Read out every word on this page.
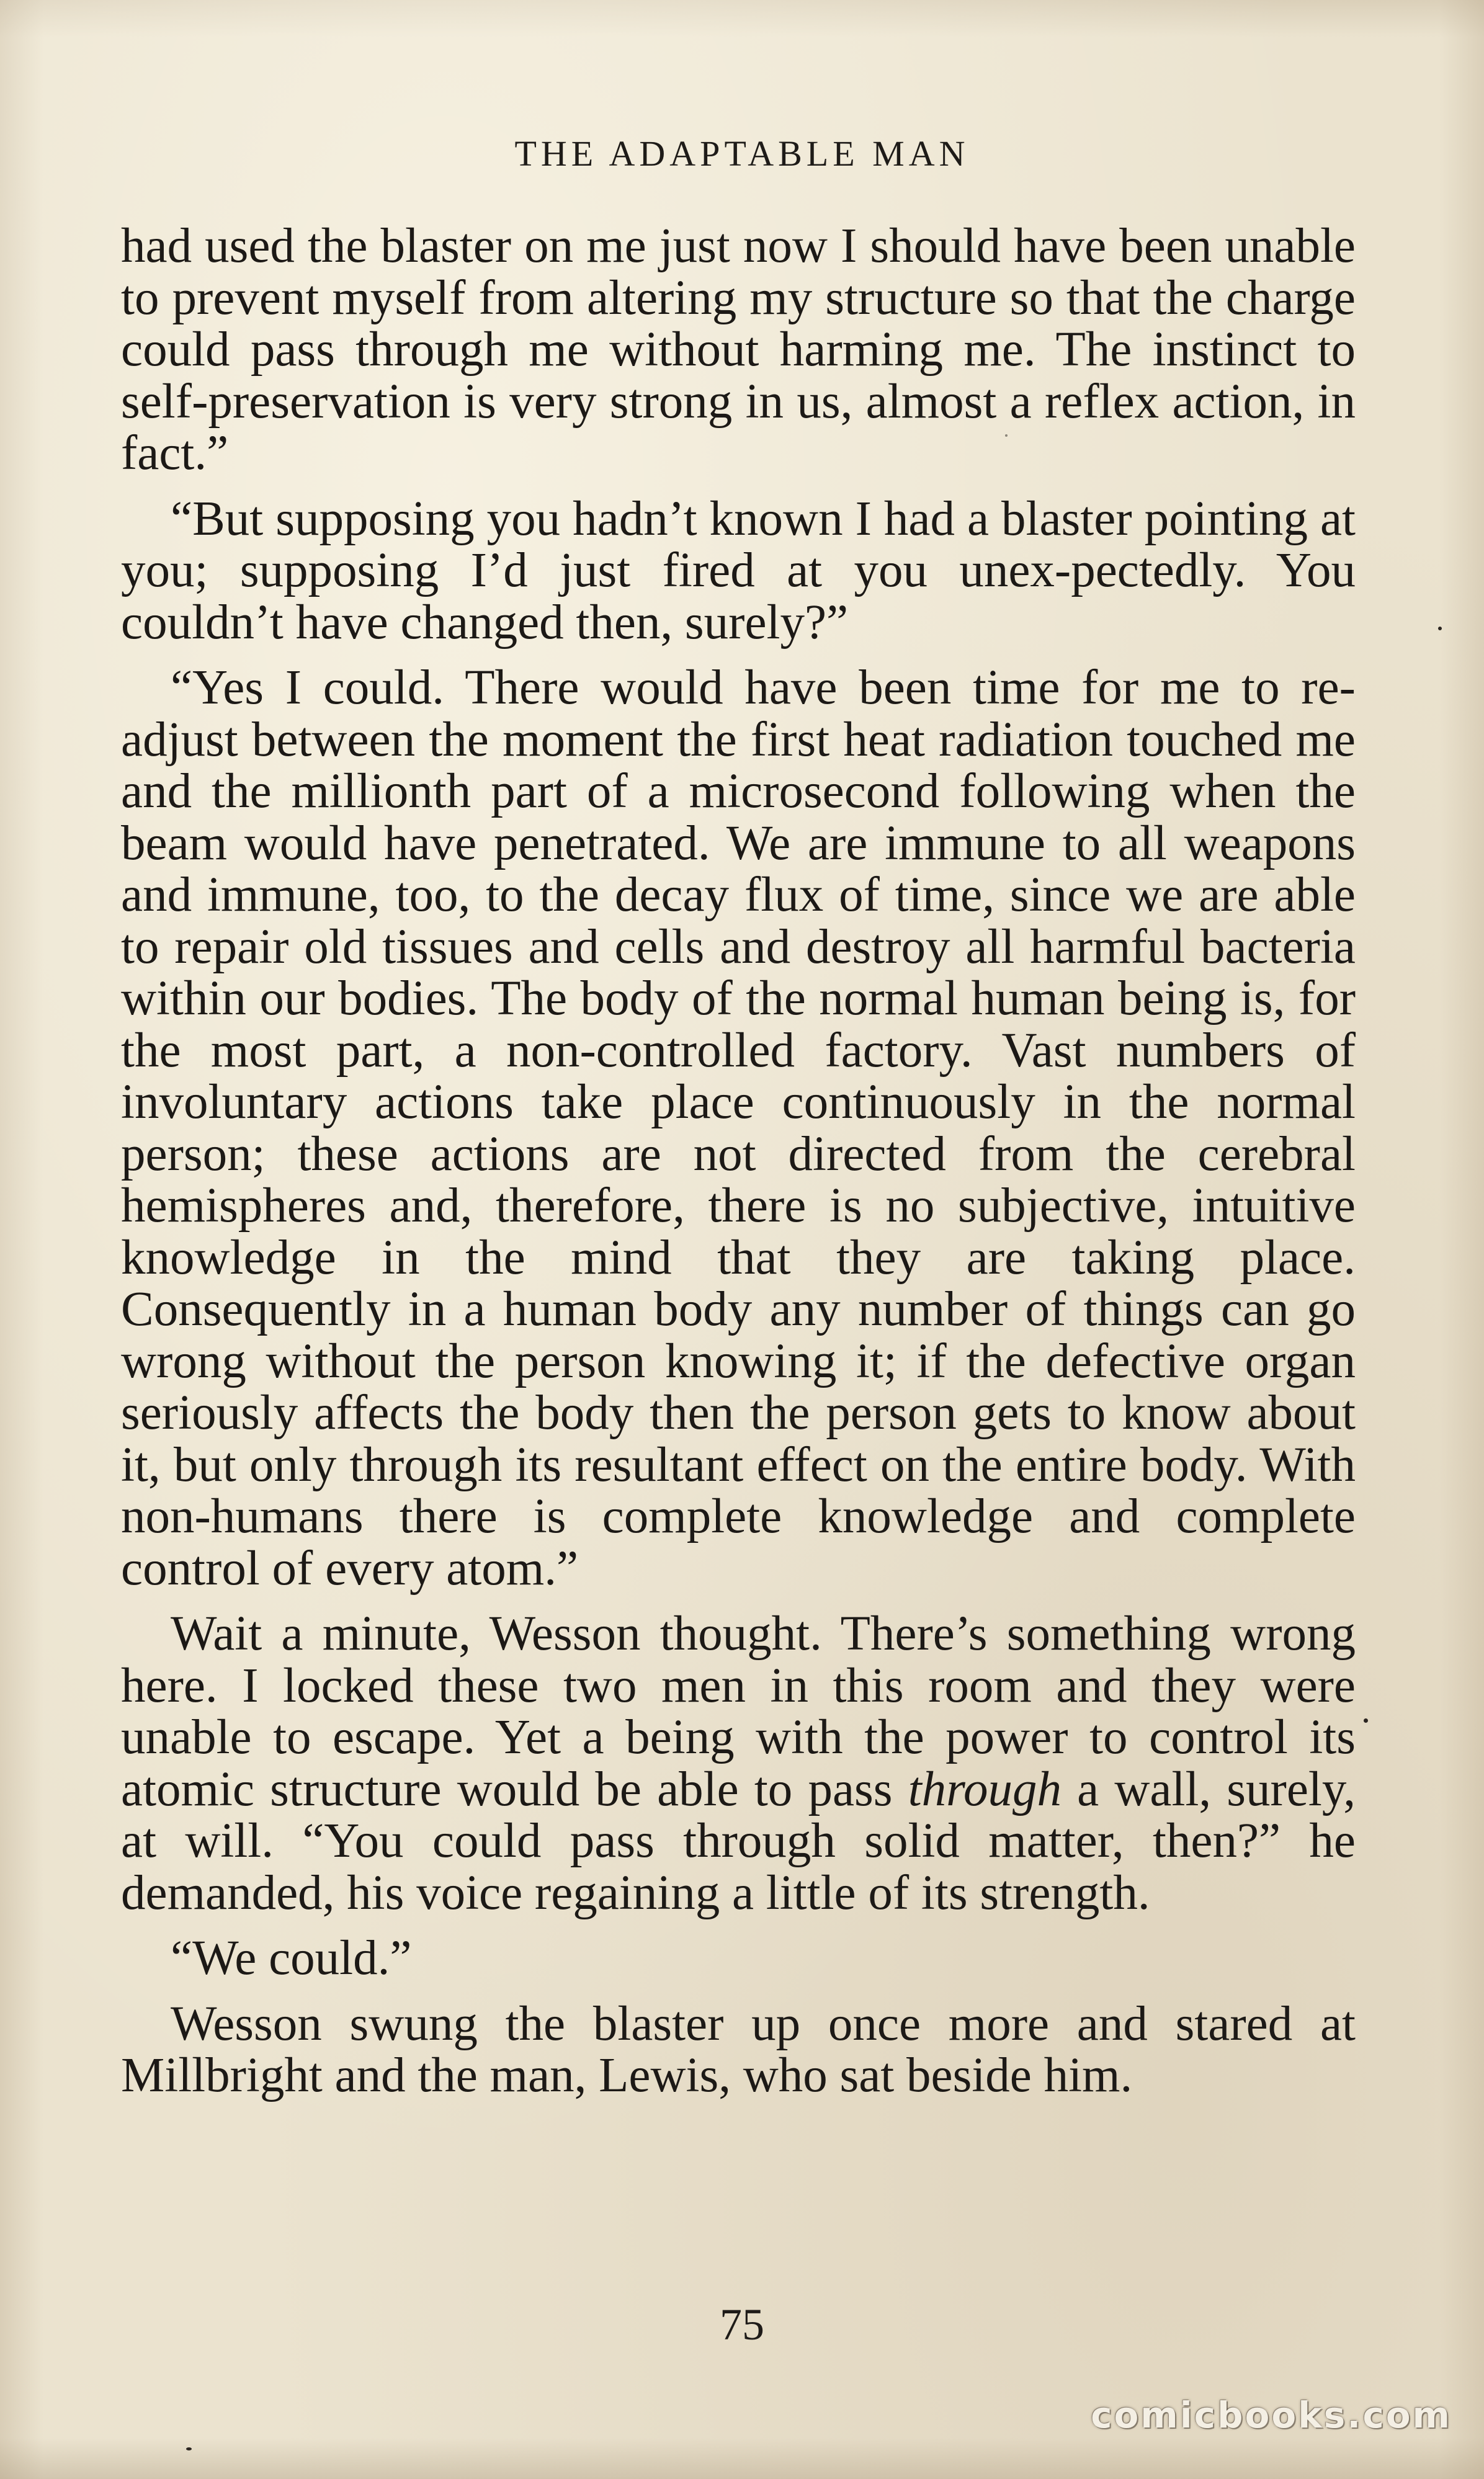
THE ADAPTABLE MAN

had used the blaster on me just now I should have been unable to prevent myself from altering my structure so that the charge could pass through me without harming me. The instinct to self-preservation is very strong in us, almost a reflex action, in fact.”

“But supposing you hadn’t known I had a blaster pointing at you; supposing I’d just fired at you unex-pectedly. You couldn’t have changed then, surely?”

“Yes I could. There would have been time for me to re-adjust between the moment the first heat radiation touched me and the millionth part of a microsecond following when the beam would have penetrated. We are immune to all weapons and immune, too, to the decay flux of time, since we are able to repair old tissues and cells and destroy all harmful bacteria within our bodies. The body of the normal human being is, for the most part, a non-controlled factory. Vast numbers of involuntary actions take place continuously in the normal person; these actions are not directed from the cerebral hemispheres and, therefore, there is no subjective, intuitive knowledge in the mind that they are taking place. Consequently in a human body any number of things can go wrong without the person knowing it; if the defective organ seriously affects the body then the person gets to know about it, but only through its resultant effect on the entire body. With non-humans there is complete knowledge and complete control of every atom.”

Wait a minute, Wesson thought. There’s something wrong here. I locked these two men in this room and they were unable to escape. Yet a being with the power to control its atomic structure would be able to pass through a wall, surely, at will. “You could pass through solid matter, then?” he demanded, his voice regaining a little of its strength.

“We could.”

Wesson swung the blaster up once more and stared at Millbright and the man, Lewis, who sat beside him.

75
comicbooks.com
